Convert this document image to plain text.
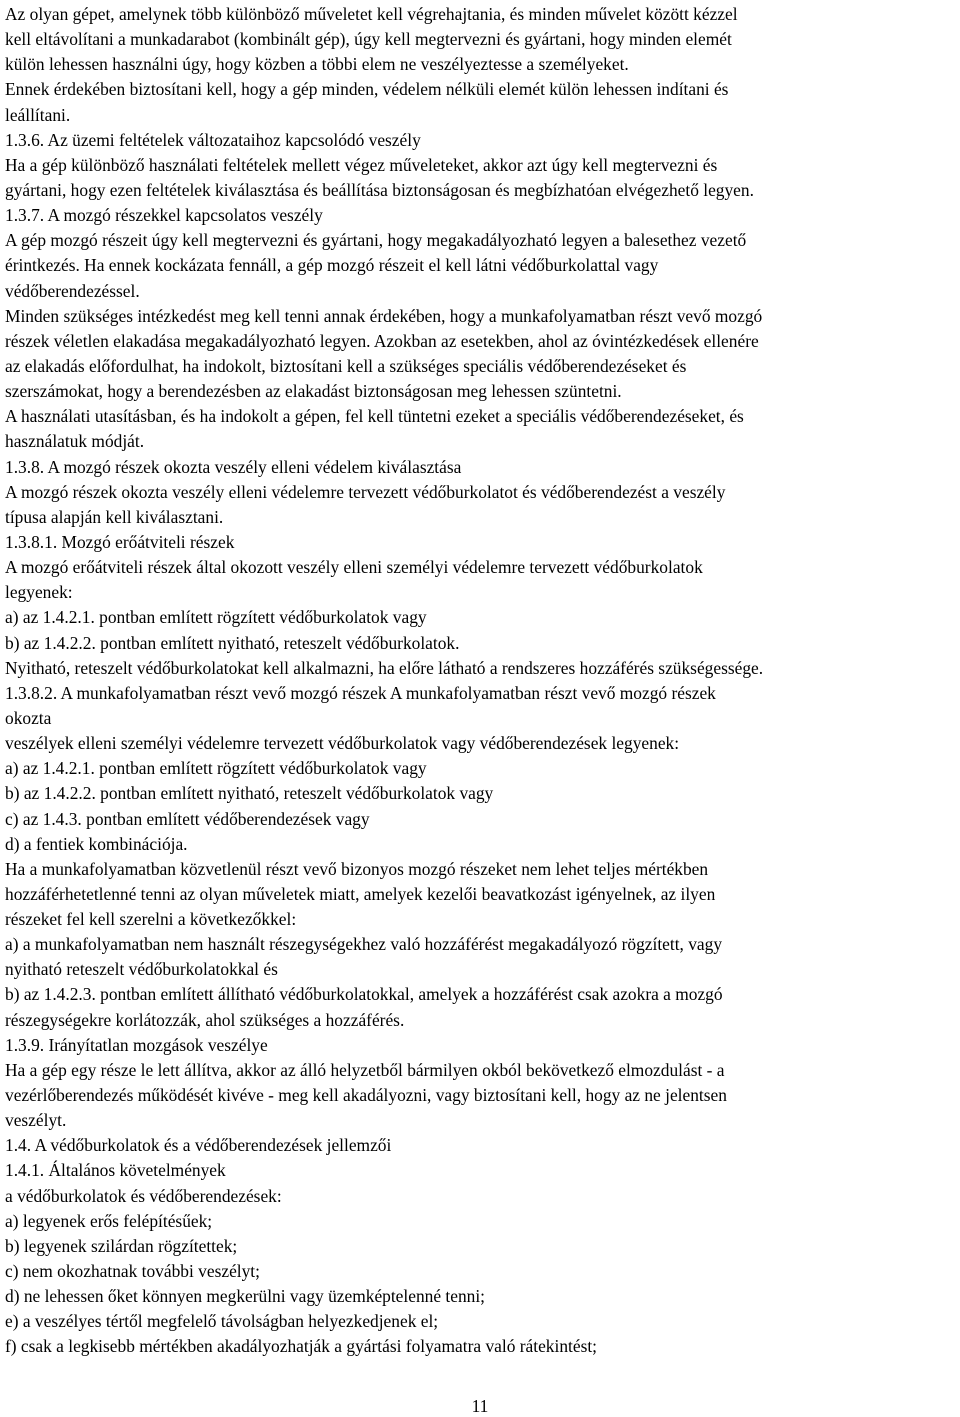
Az olyan gépet, amelynek több különböző műveletet kell végrehajtania, és minden művelet között kézzel
kell eltávolítani a munkadarabot (kombinált gép), úgy kell megtervezni és gyártani, hogy minden elemét
külön lehessen használni úgy, hogy közben a többi elem ne veszélyeztesse a személyeket.
Ennek érdekében biztosítani kell, hogy a gép minden, védelem nélküli elemét külön lehessen indítani és
leállítani.
1.3.6. Az üzemi feltételek változataihoz kapcsolódó veszély
Ha a gép különböző használati feltételek mellett végez műveleteket, akkor azt úgy kell megtervezni és
gyártani, hogy ezen feltételek kiválasztása és beállítása biztonságosan és megbízhatóan elvégezhető legyen.
1.3.7. A mozgó részekkel kapcsolatos veszély
A gép mozgó részeit úgy kell megtervezni és gyártani, hogy megakadályozható legyen a balesethez vezető
érintkezés. Ha ennek kockázata fennáll, a gép mozgó részeit el kell látni védőburkolattal vagy
védőberendezéssel.
Minden szükséges intézkedést meg kell tenni annak érdekében, hogy a munkafolyamatban részt vevő mozgó
részek véletlen elakadása megakadályozható legyen. Azokban az esetekben, ahol az óvintézkedések ellenére
az elakadás előfordulhat, ha indokolt, biztosítani kell a szükséges speciális védőberendezéseket és
szerszámokat, hogy a berendezésben az elakadást biztonságosan meg lehessen szüntetni.
A használati utasításban, és ha indokolt a gépen, fel kell tüntetni ezeket a speciális védőberendezéseket, és
használatuk módját.
1.3.8. A mozgó részek okozta veszély elleni védelem kiválasztása
A mozgó részek okozta veszély elleni védelemre tervezett védőburkolatot és védőberendezést a veszély
típusa alapján kell kiválasztani.
1.3.8.1. Mozgó erőátviteli részek
A mozgó erőátviteli részek által okozott veszély elleni személyi védelemre tervezett védőburkolatok
legyenek:
a) az 1.4.2.1. pontban említett rögzített védőburkolatok vagy
b) az 1.4.2.2. pontban említett nyitható, reteszelt védőburkolatok.
Nyitható, reteszelt védőburkolatokat kell alkalmazni, ha előre látható a rendszeres hozzáférés szükségessége.
1.3.8.2. A munkafolyamatban részt vevő mozgó részek A munkafolyamatban részt vevő mozgó részek
okozta
veszélyek elleni személyi védelemre tervezett védőburkolatok vagy védőberendezések legyenek:
a) az 1.4.2.1. pontban említett rögzített védőburkolatok vagy
b) az 1.4.2.2. pontban említett nyitható, reteszelt védőburkolatok vagy
c) az 1.4.3. pontban említett védőberendezések vagy
d) a fentiek kombinációja.
Ha a munkafolyamatban közvetlenül részt vevő bizonyos mozgó részeket nem lehet teljes mértékben
hozzáférhetetlenné tenni az olyan műveletek miatt, amelyek kezelői beavatkozást igényelnek, az ilyen
részeket fel kell szerelni a következőkkel:
a) a munkafolyamatban nem használt részegységekhez való hozzáférést megakadályozó rögzített, vagy
nyitható reteszelt védőburkolatokkal és
b) az 1.4.2.3. pontban említett állítható védőburkolatokkal, amelyek a hozzáférést csak azokra a mozgó
részegységekre korlátozzák, ahol szükséges a hozzáférés.
1.3.9. Irányítatlan mozgások veszélye
Ha a gép egy része le lett állítva, akkor az álló helyzetből bármilyen okból bekövetkező elmozdulást - a
vezérlőberendezés működését kivéve - meg kell akadályozni, vagy biztosítani kell, hogy az ne jelentsen
veszélyt.
1.4. A védőburkolatok és a védőberendezések jellemzői
1.4.1. Általános követelmények
a védőburkolatok és védőberendezések:
a) legyenek erős felépítésűek;
b) legyenek szilárdan rögzítettek;
c) nem okozhatnak további veszélyt;
d) ne lehessen őket könnyen megkerülni vagy üzemképtelenné tenni;
e) a veszélyes tértől megfelelő távolságban helyezkedjenek el;
f) csak a legkisebb mértékben akadályozhatják a gyártási folyamatra való rátekintést;
11
